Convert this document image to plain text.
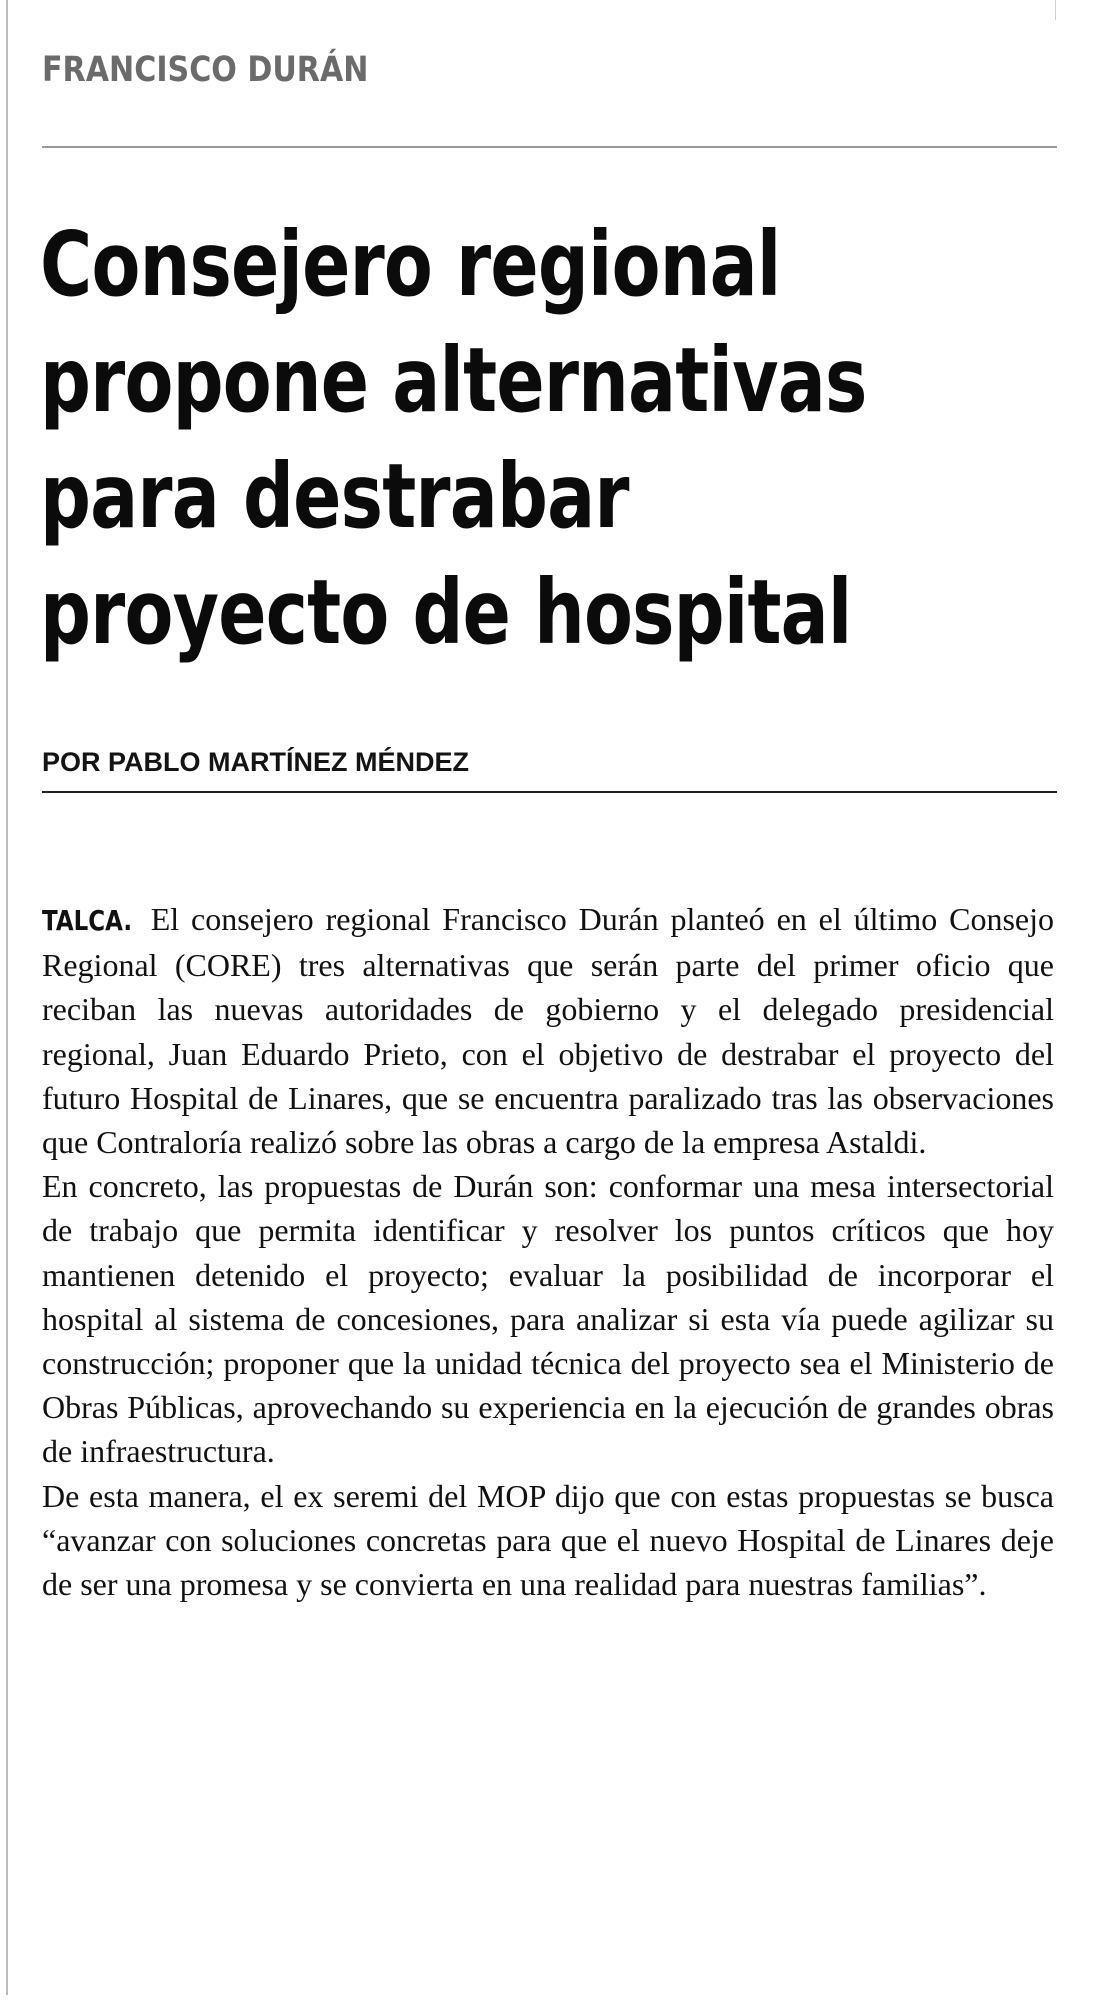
FRANCISCO DURÁN
Consejero regional
propone alternativas
para destrabar
proyecto de hospital
POR PABLO MARTÍNEZ MÉNDEZ

TALCA. El consejero regional Francisco Durán planteó en el último Consejo Regional (CORE) tres alternativas que serán parte del primer oficio que reciban las nuevas autoridades de gobierno y el delegado presidencial regional, Juan Eduardo Prieto, con el objetivo de destrabar el proyecto del futuro Hospital de Linares, que se encuentra paralizado tras las observaciones que Contraloría realizó sobre las obras a cargo de la empresa Astaldi.

En concreto, las propuestas de Durán son: conformar una mesa intersectorial de trabajo que permita identificar y resolver los puntos críticos que hoy mantienen detenido el proyecto; evaluar la posibilidad de incorporar el hospital al sistema de concesiones, para analizar si esta vía puede agilizar su construcción; proponer que la unidad técnica del proyecto sea el Ministerio de Obras Públicas, aprovechando su experiencia en la ejecución de grandes obras de infraestructura.

De esta manera, el ex seremi del MOP dijo que con estas propuestas se busca “avanzar con soluciones concretas para que el nuevo Hospital de Linares deje de ser una promesa y se convierta en una realidad para nuestras familias”.
